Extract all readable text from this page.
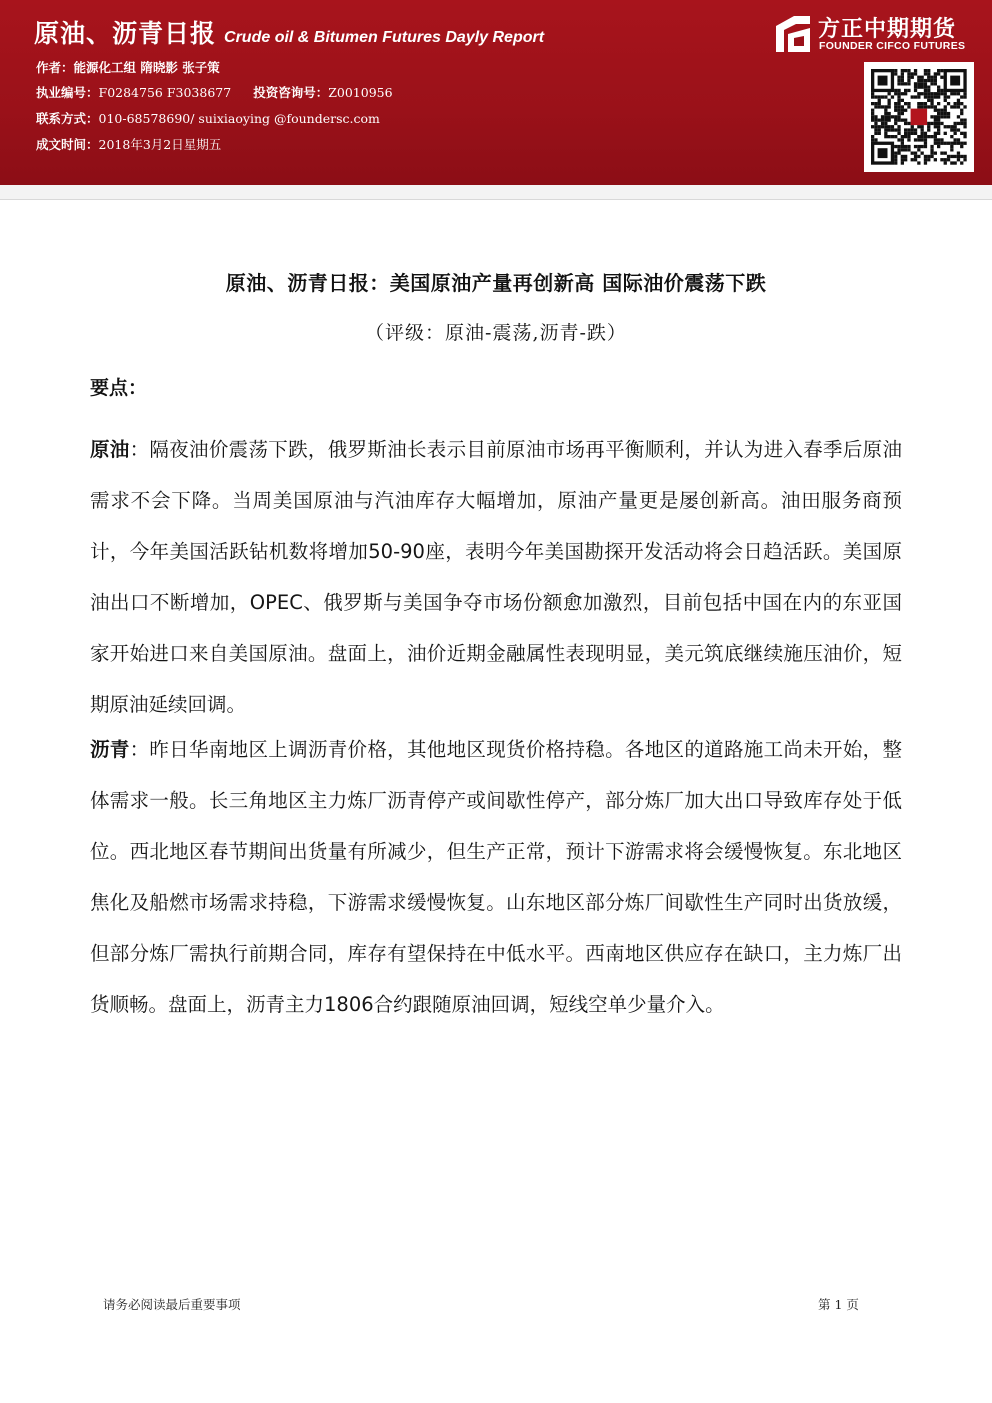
原油、沥青日报 Crude oil & Bitumen Futures Dayly Report
作者：能源化工组 隋晓影 张子策
执业编号：F0284756 F3038677 投资咨询号：Z0010956
联系方式：010-68578690/ suixiaoying @foundersc.com
成文时间：2018年3月2日星期五
方正中期期货
FOUNDER CIFCO FUTURES
原油、沥青日报：美国原油产量再创新高 国际油价震荡下跌
（评级：原油-震荡,沥青-跌）
要点：
原油：隔夜油价震荡下跌，俄罗斯油长表示目前原油市场再平衡顺利，并认为进入春季后原油需求不会下降。当周美国原油与汽油库存大幅增加，原油产量更是屡创新高。油田服务商预计，今年美国活跃钻机数将增加50-90座，表明今年美国勘探开发活动将会日趋活跃。美国原油出口不断增加，OPEC、俄罗斯与美国争夺市场份额愈加激烈，目前包括中国在内的东亚国家开始进口来自美国原油。盘面上，油价近期金融属性表现明显，美元筑底继续施压油价，短期原油延续回调。
沥青：昨日华南地区上调沥青价格，其他地区现货价格持稳。各地区的道路施工尚未开始，整体需求一般。长三角地区主力炼厂沥青停产或间歇性停产，部分炼厂加大出口导致库存处于低位。西北地区春节期间出货量有所减少，但生产正常，预计下游需求将会缓慢恢复。东北地区焦化及船燃市场需求持稳，下游需求缓慢恢复。山东地区部分炼厂间歇性生产同时出货放缓，但部分炼厂需执行前期合同，库存有望保持在中低水平。西南地区供应存在缺口，主力炼厂出货顺畅。盘面上，沥青主力1806合约跟随原油回调，短线空单少量介入。
请务必阅读最后重要事项	第 1 页
